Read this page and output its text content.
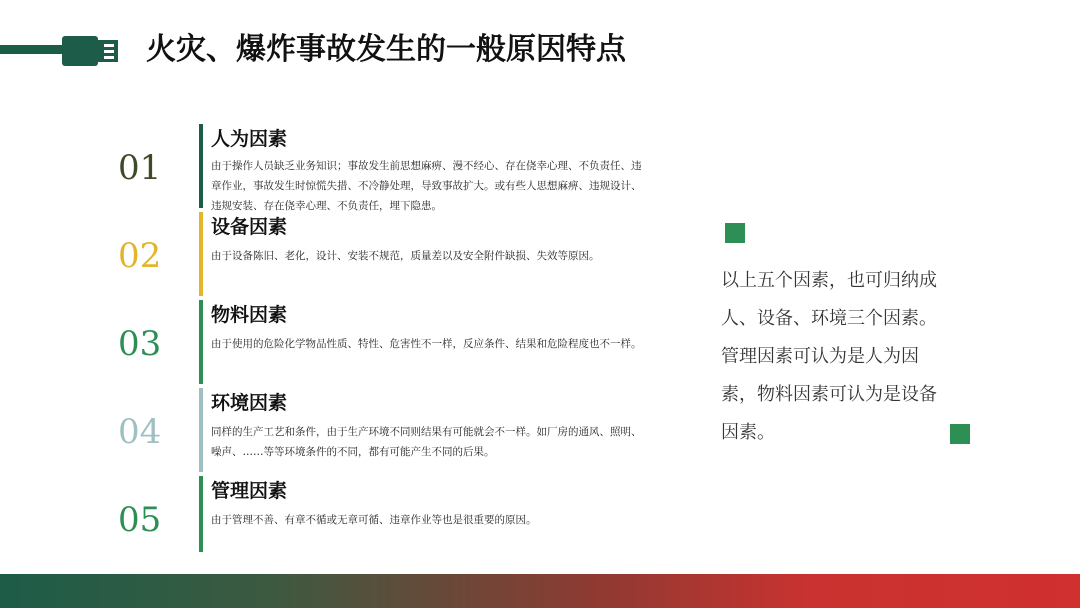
火灾、爆炸事故发生的一般原因特点
01
人为因素
由于操作人员缺乏业务知识；事故发生前思想麻痹、漫不经心、存在侥幸心理、不负责任、违章作业，事故发生时惊慌失措、不冷静处理，导致事故扩大。或有些人思想麻痹、违规设计、违规安装、存在侥幸心理、不负责任，埋下隐患。
02
设备因素
由于设备陈旧、老化，设计、安装不规范，质量差以及安全附件缺损、失效等原因。
03
物料因素
由于使用的危险化学物品性质、特性、危害性不一样，反应条件、结果和危险程度也不一样。
04
环境因素
同样的生产工艺和条件，由于生产环境不同则结果有可能就会不一样。如厂房的通风、照明、噪声、……等等环境条件的不同，都有可能产生不同的后果。
05
管理因素
由于管理不善、有章不循或无章可循、违章作业等也是很重要的原因。
以上五个因素，也可归纳成人、设备、环境三个因素。管理因素可认为是人为因素，物料因素可认为是设备因素。
